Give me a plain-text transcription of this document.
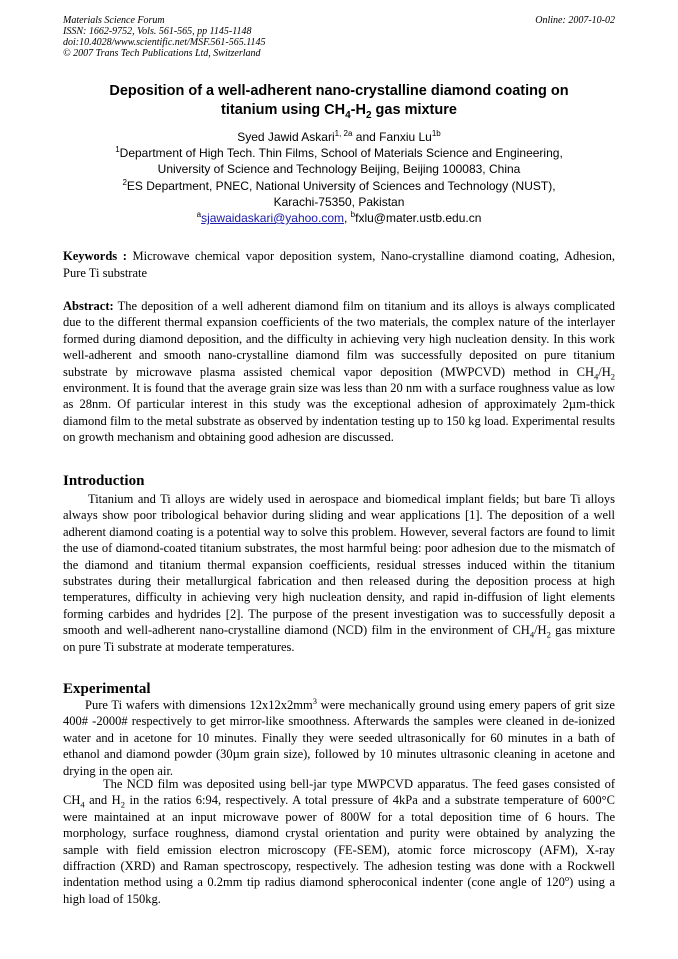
Materials Science Forum
ISSN: 1662-9752, Vols. 561-565, pp 1145-1148
doi:10.4028/www.scientific.net/MSF.561-565.1145
© 2007 Trans Tech Publications Ltd, Switzerland
Online: 2007-10-02
Deposition of a well-adherent nano-crystalline diamond coating on
titanium using $CH_4-H_2$ gas mixture
Syed Jawid Askari$^{1, 2a}$ and Fanxiu $Lu^{1b}$
$^1$Department of High Tech. Thin Films, School of Materials Science and Engineering,
University of Science and Technology Beijing, Beijing 100083, China
$^2$ES Department, PNEC, National University of Sciences and Technology (NUST),
Karachi-75350, Pakistan
$^a$sjawaidaskari@yahoo.com, $^b$fxlu@mater.ustb.edu.cn
Keywords : Microwave chemical vapor deposition system, Nano-crystalline diamond coating, Adhesion, Pure Ti substrate
Abstract: The deposition of a well adherent diamond film on titanium and its alloys is always complicated due to the different thermal expansion coefficients of the two materials, the complex nature of the interlayer formed during diamond deposition, and the difficulty in achieving very high nucleation density. In this work well-adherent and smooth nano-crystalline diamond film was successfully deposited on pure titanium substrate by microwave plasma assisted chemical vapor deposition (MWPCVD) method in $CH_4/H_2$ environment. It is found that the average grain size was less than 20 nm with a surface roughness value as low as 28nm. Of particular interest in this study was the exceptional adhesion of approximately 2µm-thick diamond film to the metal substrate as observed by indentation testing up to 150 kg load. Experimental results on growth mechanism and obtaining good adhesion are discussed.
Introduction
Titanium and Ti alloys are widely used in aerospace and biomedical implant fields; but bare Ti alloys always show poor tribological behavior during sliding and wear applications [1]. The deposition of a well adherent diamond coating is a potential way to solve this problem. However, several factors are found to limit the use of diamond-coated titanium substrates, the most harmful being: poor adhesion due to the mismatch of the diamond and titanium thermal expansion coefficients, residual stresses induced within the titanium substrates during their metallurgical fabrication and then released during the deposition process at high temperatures, difficulty in achieving very high nucleation density, and rapid in-diffusion of light elements forming carbides and hydrides [2]. The purpose of the present investigation was to successfully deposit a smooth and well-adherent nano-crystalline diamond (NCD) film in the environment of $CH_4/H_2$ gas mixture on pure Ti substrate at moderate temperatures.
Experimental
Pure Ti wafers with dimensions $12x12x2mm^3$ were mechanically ground using emery papers of grit size 400# -2000# respectively to get mirror-like smoothness. Afterwards the samples were cleaned in de-ionized water and in acetone for 10 minutes. Finally they were seeded ultrasonically for 60 minutes in a bath of ethanol and diamond powder (30µm grain size), followed by 10 minutes ultrasonic cleaning in acetone and drying in the open air.
The NCD film was deposited using bell-jar type MWPCVD apparatus. The feed gases consisted of $CH_4$ and $H_2$ in the ratios 6:94, respectively. A total pressure of 4kPa and a substrate temperature of 600°C were maintained at an input microwave power of 800W for a total deposition time of 6 hours. The morphology, surface roughness, diamond crystal orientation and purity were obtained by analyzing the sample with field emission electron microscopy (FE-SEM), atomic force microscopy (AFM), X-ray diffraction (XRD) and Raman spectroscopy, respectively. The adhesion testing was done with a Rockwell indentation method using a 0.2mm tip radius diamond spheroconical indenter (cone angle of 120$^o$) using a high load of 150kg.
